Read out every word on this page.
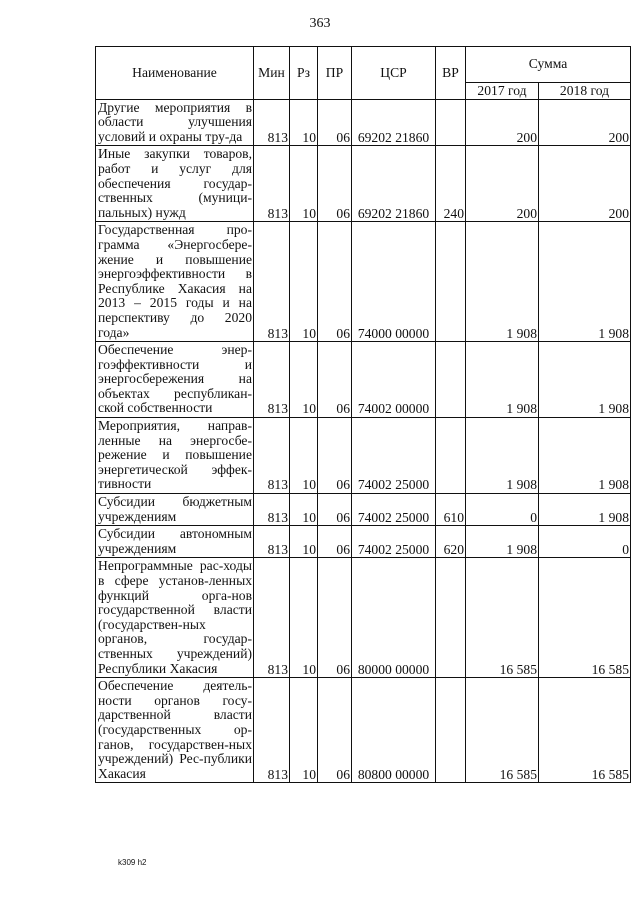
363
Наименование	Мин	Рз	ПР	ЦСР	ВР	Сумма	
						2017 год	2018 год
Другие мероприятия в области улучшения условий и охраны тру-да	813	10	06	69202 21860		200	200
Иные закупки товаров, работ и услуг для обеспечения государ-ственных (муници-пальных) нужд	813	10	06	69202 21860	240	200	200
Государственная про-грамма «Энергосбере-жение и повышение энергоэффективности в Республике Хакасия на 2013 – 2015 годы и на перспективу до 2020 года»	813	10	06	74000 00000		1 908	1 908
Обеспечение энер-гоэффективности и энергосбережения на объектах республикан-ской собственности	813	10	06	74002 00000		1 908	1 908
Мероприятия, направ-ленные на энергосбе-режение и повышение энергетической эффек-тивности	813	10	06	74002 25000		1 908	1 908
Субсидии бюджетным учреждениям	813	10	06	74002 25000	610	0	1 908
Субсидии автономным учреждениям	813	10	06	74002 25000	620	1 908	0
Непрограммные рас-ходы в сфере установ-ленных функций орга-нов государственной власти (государствен-ных органов, государ-ственных учреждений) Республики Хакасия	813	10	06	80000 00000		16 585	16 585
Обеспечение деятель-ности органов госу-дарственной власти (государственных ор-ганов, государствен-ных учреждений) Рес-публики Хакасия	813	10	06	80800 00000		16 585	16 585
k309 h2
